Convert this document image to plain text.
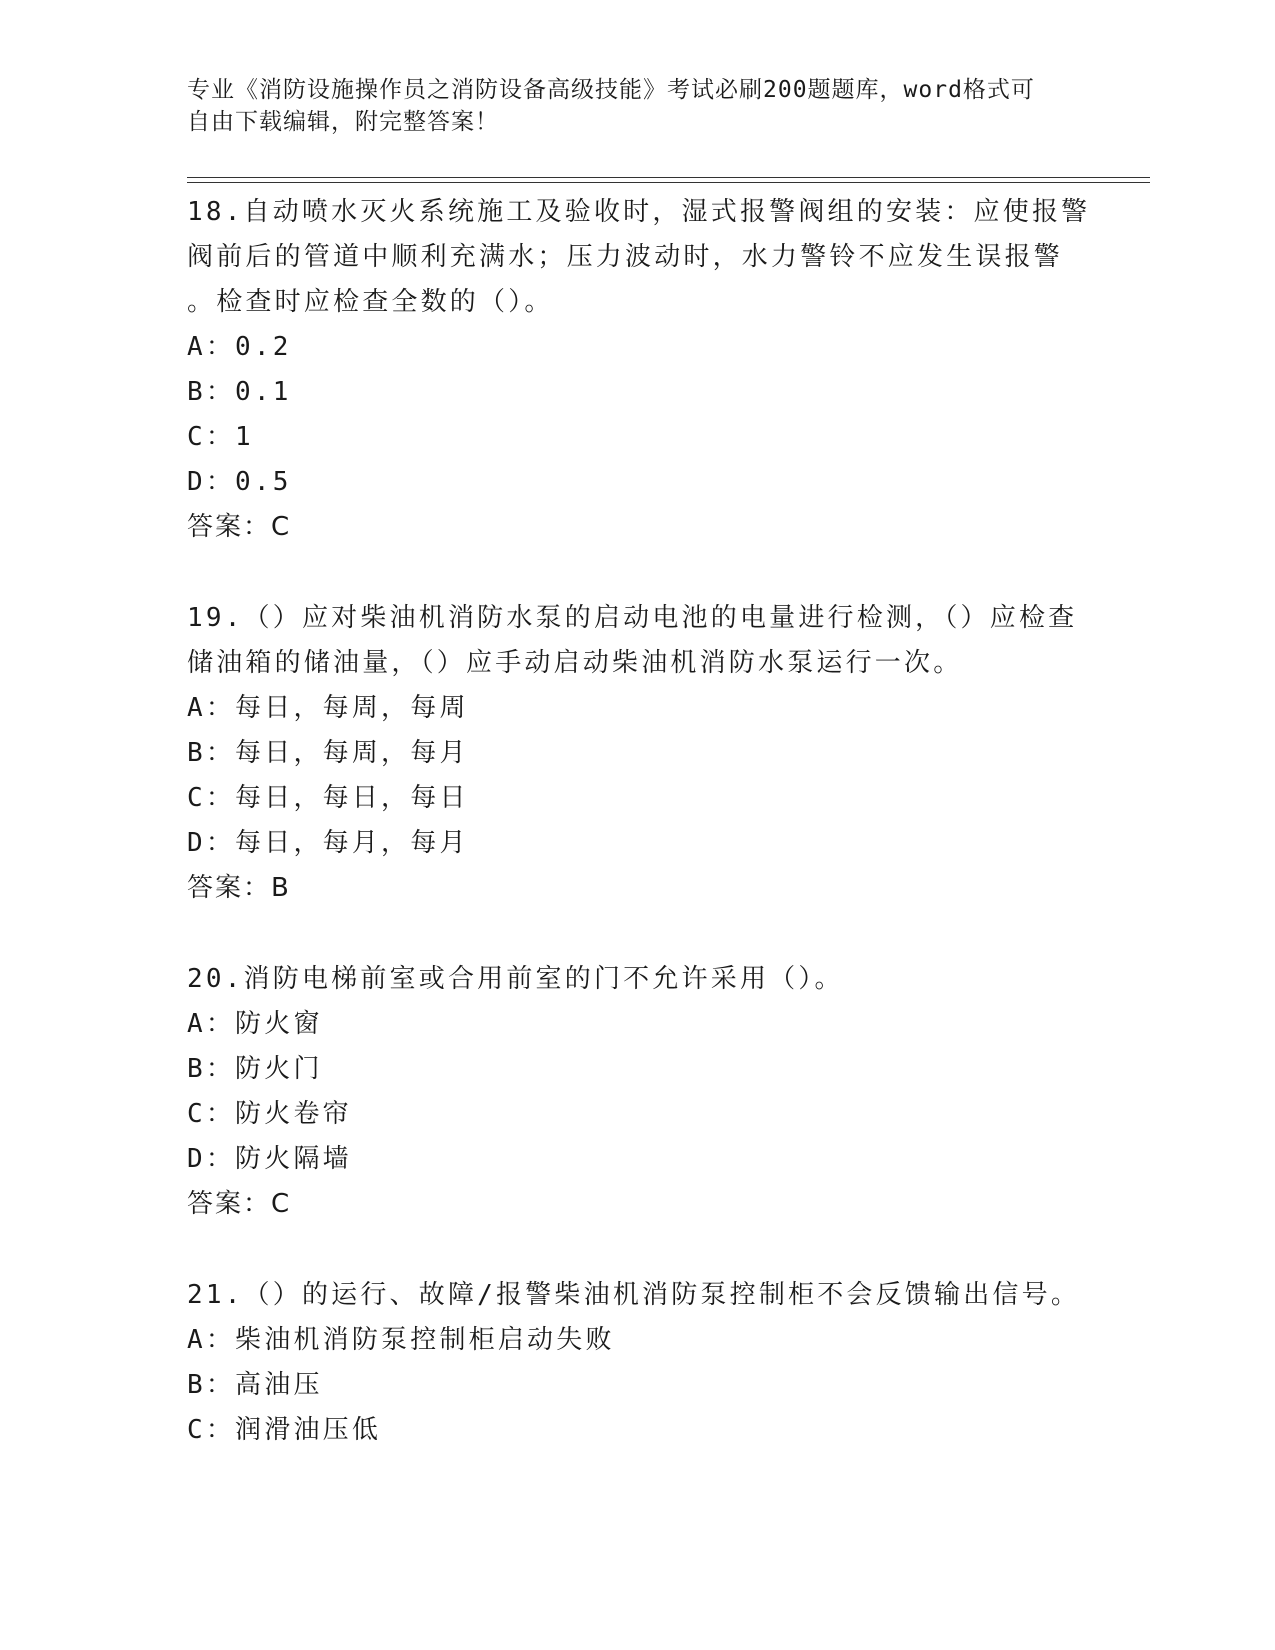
专业《消防设施操作员之消防设备高级技能》考试必刷200题题库，word格式可
自由下载编辑，附完整答案！
18.自动喷水灭火系统施工及验收时，湿式报警阀组的安装：应使报警
阀前后的管道中顺利充满水；压力波动时，水力警铃不应发生误报警
。检查时应检查全数的（）。
A：0.2
B：0.1
C：1
D：0.5
答案：C
19.（）应对柴油机消防水泵的启动电池的电量进行检测，（）应检查
储油箱的储油量，（）应手动启动柴油机消防水泵运行一次。
A：每日，每周，每周
B：每日，每周，每月
C：每日，每日，每日
D：每日，每月，每月
答案：B
20.消防电梯前室或合用前室的门不允许采用（）。
A：防火窗
B：防火门
C：防火卷帘
D：防火隔墙
答案：C
21.（）的运行、故障/报警柴油机消防泵控制柜不会反馈输出信号。
A：柴油机消防泵控制柜启动失败
B：高油压
C：润滑油压低
